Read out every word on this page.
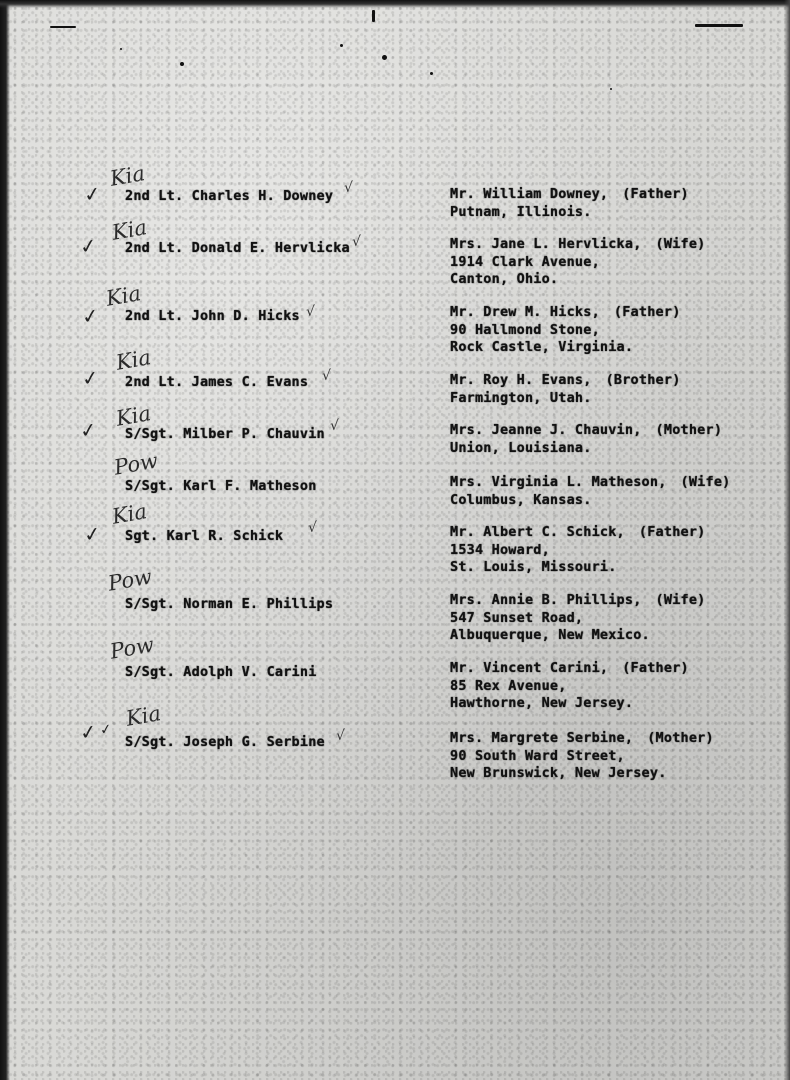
✓
Kia
2nd Lt. Charles H. Downey √	Mr. William Downey, (Father)
Putnam, Illinois.
✓
Kia
2nd Lt. Donald E. Hervlicka √	Mrs. Jane L. Hervlicka, (Wife)
1914 Clark Avenue,
Canton, Ohio.
✓
Kia
2nd Lt. John D. Hicks √	Mr. Drew M. Hicks, (Father)
90 Hallmond Stone,
Rock Castle, Virginia.
✓
Kia
2nd Lt. James C. Evans √	Mr. Roy H. Evans, (Brother)
Farmington, Utah.
✓ Kia
S/Sgt. Milber P. Chauvin √	Mrs. Jeanne J. Chauvin, (Mother)
Union, Louisiana.
Pow
S/Sgt. Karl F. Matheson	Mrs. Virginia L. Matheson, (Wife)
Columbus, Kansas.
✓
Kia
Sgt. Karl R. Schick √	Mr. Albert C. Schick, (Father)
1534 Howard,
St. Louis, Missouri.
Pow
S/Sgt. Norman E. Phillips	Mrs. Annie B. Phillips, (Wife)
547 Sunset Road,
Albuquerque, New Mexico.
Pow
S/Sgt. Adolph V. Carini	Mr. Vincent Carini, (Father)
85 Rex Avenue,
Hawthorne, New Jersey.
✓ ✓ Kia
S/Sgt. Joseph G. Serbine √	Mrs. Margrete Serbine, (Mother)
90 South Ward Street,
New Brunswick, New Jersey.
